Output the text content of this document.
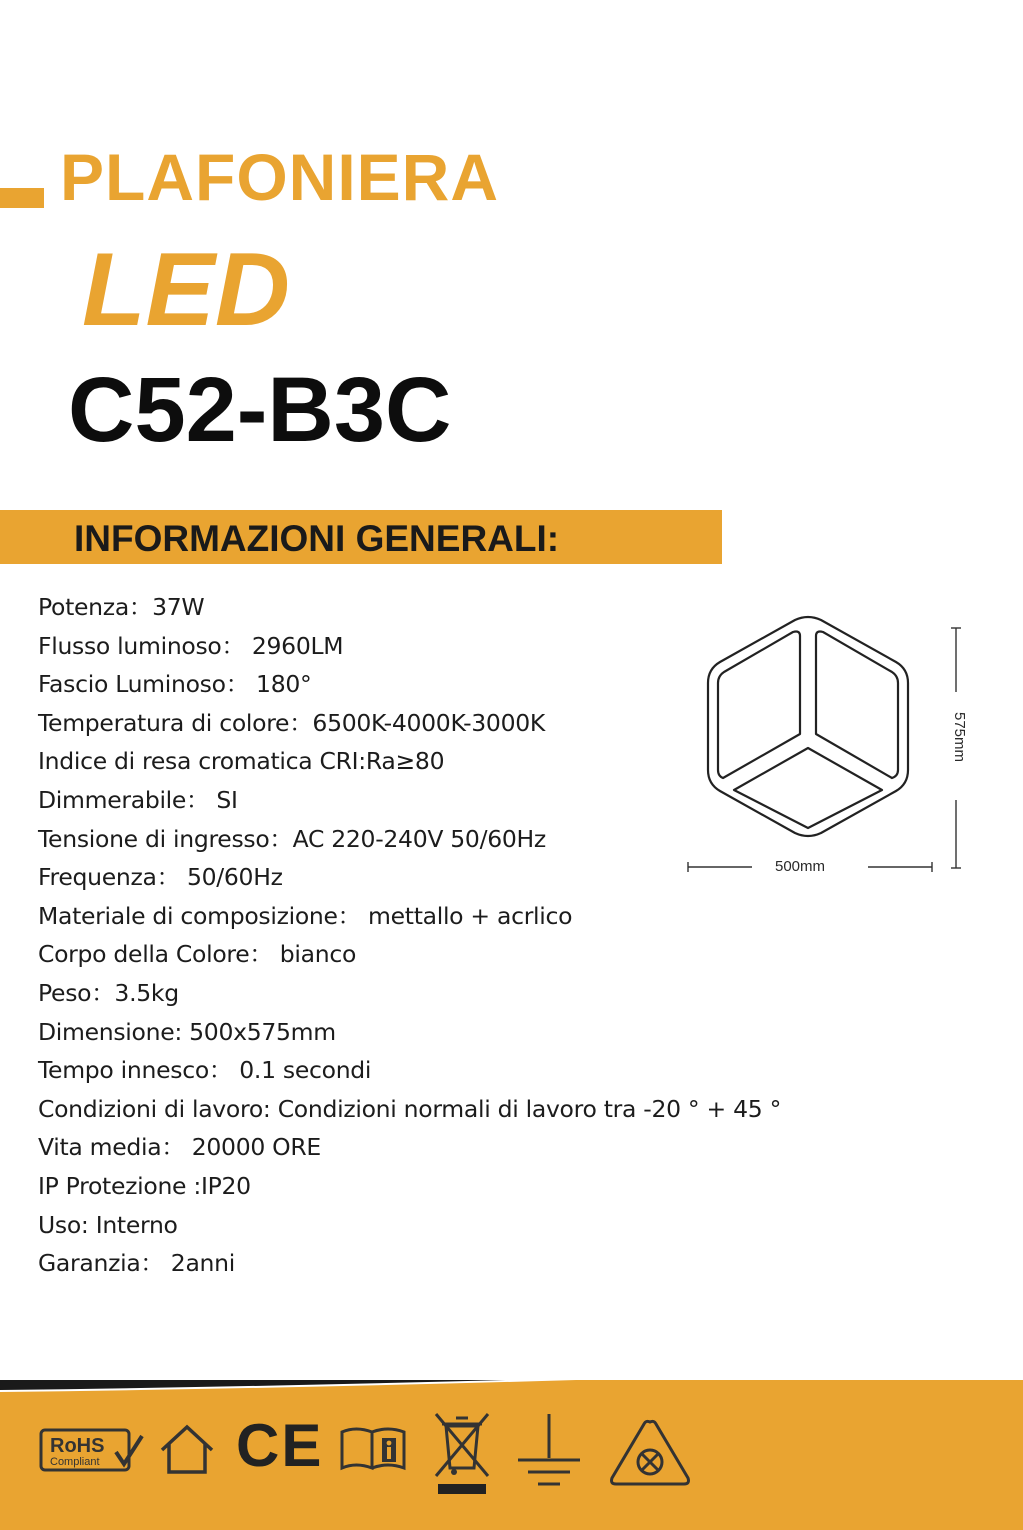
PLAFONIERA
LED
C52-B3C
INFORMAZIONI GENERALI:
Potenza：37W
Flusso luminoso： 2960LM
Fascio Luminoso： 180°
Temperatura di colore：6500K-4000K-3000K
Indice di resa cromatica CRI:Ra≥80
Dimmerabile： SI
Tensione di ingresso：AC 220-240V 50/60Hz
Frequenza： 50/60Hz
Materiale di composizione： mettallo + acrlico
Corpo della Colore： bianco
Peso：3.5kg
Dimensione: 500x575mm
Tempo innesco： 0.1 secondi
Condizioni di lavoro: Condizioni normali di lavoro tra -20 ° + 45 °
Vita media： 20000 ORE
IP Protezione :IP20
Uso: Interno
Garanzia： 2anni
500mm
575mm
RoHS
Compliant CE
